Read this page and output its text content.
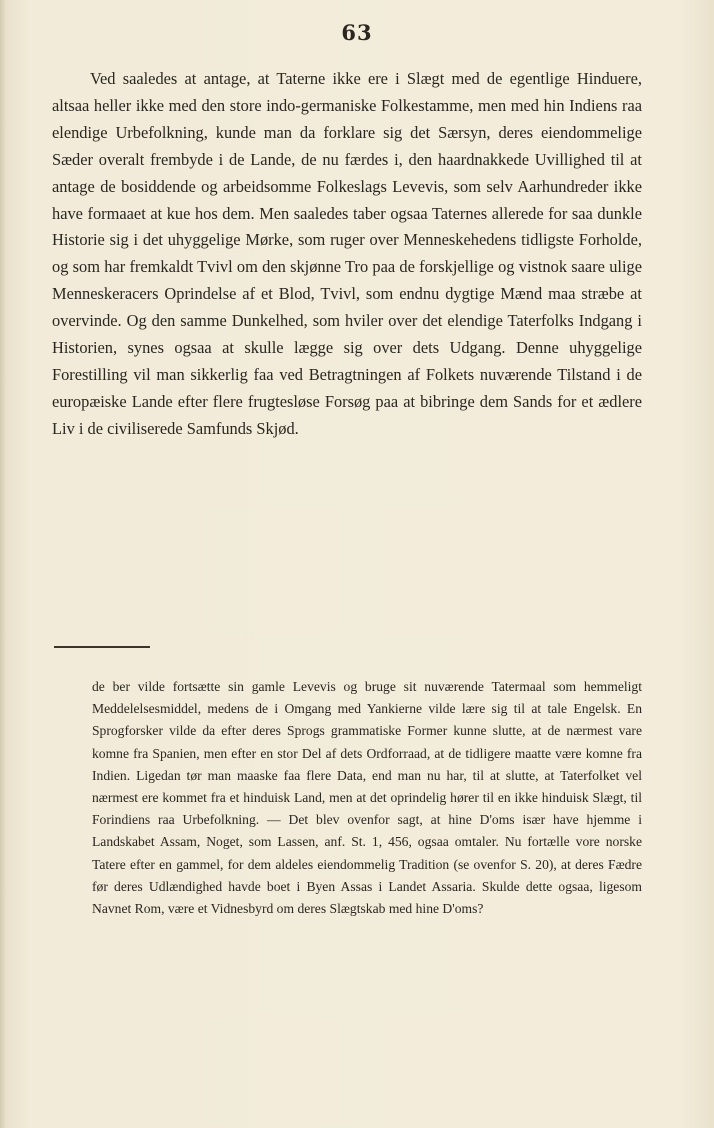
63

Ved saaledes at antage, at Taterne ikke ere i Slægt med de egentlige Hinduere, altsaa heller ikke med den store indo-germaniske Folkestamme, men med hin Indiens raa elendige Urbefolkning, kunde man da forklare sig det Særsyn, deres eiendommelige Sæder overalt frembyde i de Lande, de nu færdes i, den haardnakkede Uvillighed til at antage de bosiddende og arbeidsomme Folkeslags Levevis, som selv Aarhundreder ikke have formaaet at kue hos dem. Men saaledes taber ogsaa Taternes allerede for saa dunkle Historie sig i det uhyggelige Mørke, som ruger over Menneskehedens tidligste Forholde, og som har fremkaldt Tvivl om den skjønne Tro paa de forskjellige og vistnok saare ulige Menneskeracers Oprindelse af et Blod, Tvivl, som endnu dygtige Mænd maa stræbe at overvinde. Og den samme Dunkelhed, som hviler over det elendige Taterfolks Indgang i Historien, synes ogsaa at skulle lægge sig over dets Udgang. Denne uhyggelige Forestilling vil man sikkerlig faa ved Betragtningen af Folkets nuværende Tilstand i de europæiske Lande efter flere frugtesløse Forsøg paa at bibringe dem Sands for et ædlere Liv i de civiliserede Samfunds Skjød.

de ber vilde fortsætte sin gamle Levevis og bruge sit nuværende Tatermaal som hemmeligt Meddelelsesmiddel, medens de i Omgang med Yankierne vilde lære sig til at tale Engelsk. En Sprogforsker vilde da efter deres Sprogs grammatiske Former kunne slutte, at de nærmest vare komne fra Spanien, men efter en stor Del af dets Ordforraad, at de tidligere maatte være komne fra Indien. Ligedan tør man maaske faa flere Data, end man nu har, til at slutte, at Taterfolket vel nærmest ere kommet fra et hinduisk Land, men at det oprindelig hører til en ikke hinduisk Slægt, til Forindiens raa Urbefolkning. — Det blev ovenfor sagt, at hine D'oms især have hjemme i Landskabet Assam, Noget, som Lassen, anf. St. 1, 456, ogsaa omtaler. Nu fortælle vore norske Tatere efter en gammel, for dem aldeles eiendommelig Tradition (se ovenfor S. 20), at deres Fædre før deres Udlændighed havde boet i Byen Assas i Landet Assaria. Skulde dette ogsaa, ligesom Navnet Rom, være et Vidnesbyrd om deres Slægtskab med hine D'oms?
